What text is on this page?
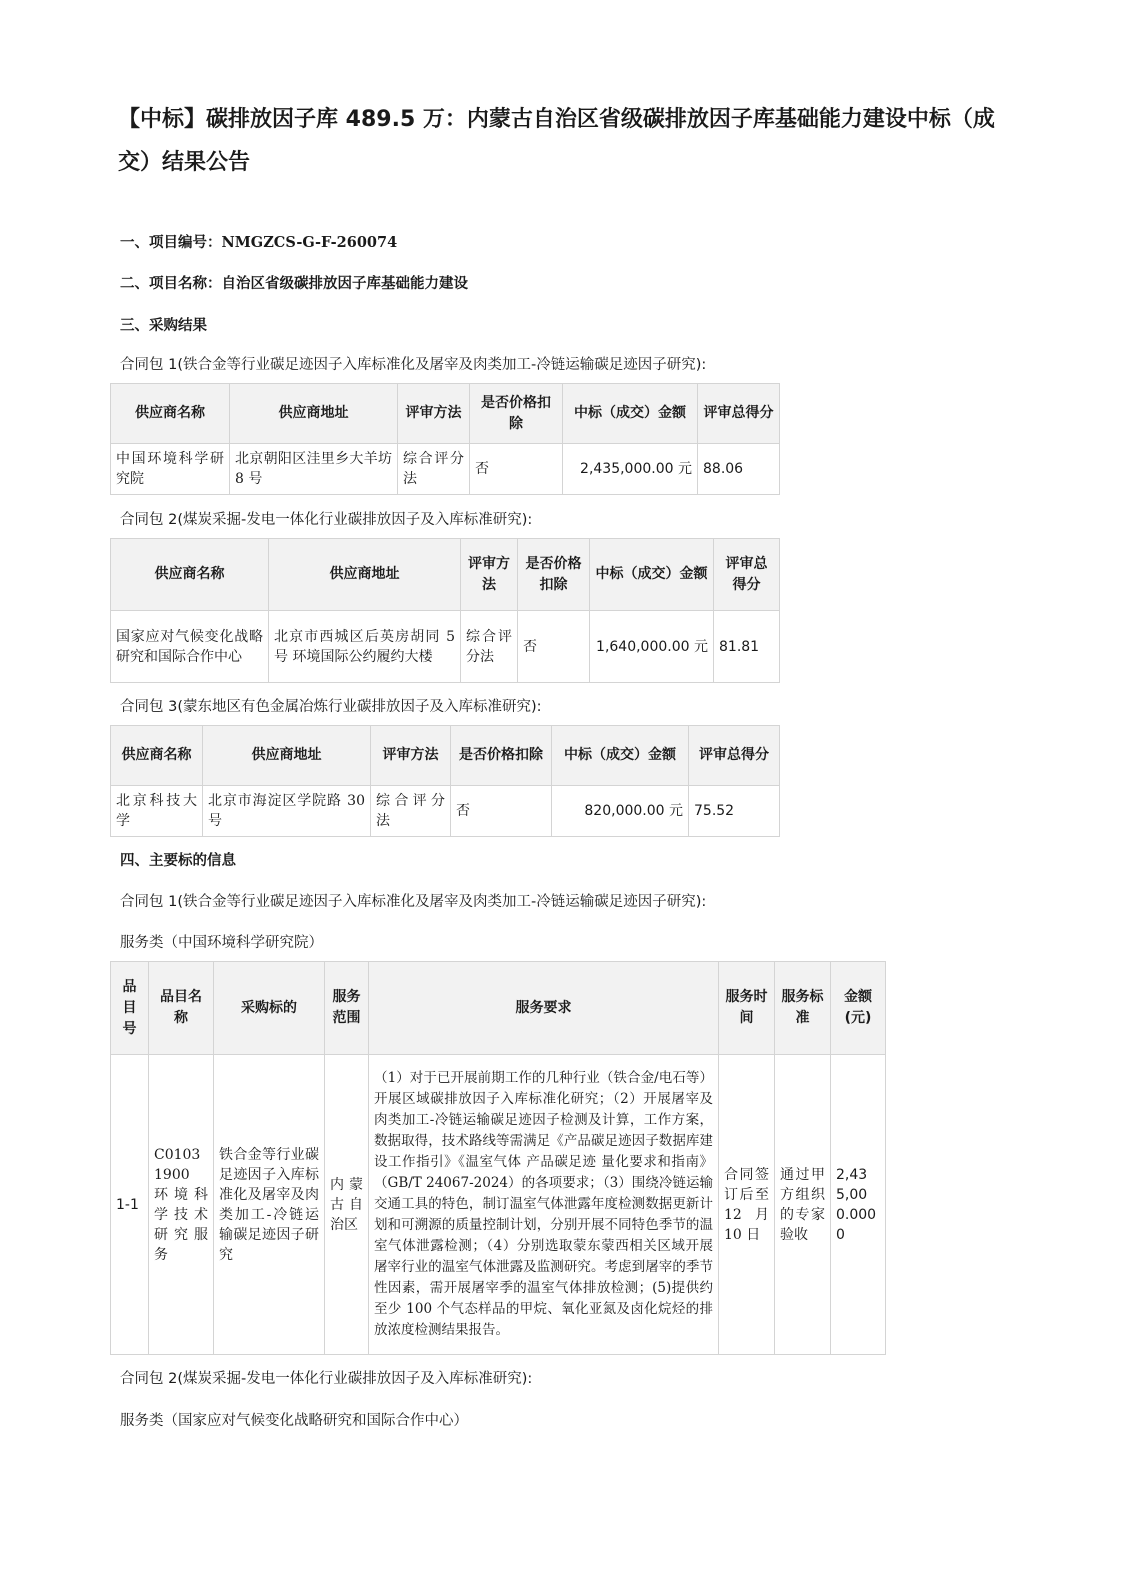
【中标】碳排放因子库 489.5 万：内蒙古自治区省级碳排放因子库基础能力建设中标（成交）结果公告

一、项目编号：NMGZCS-G-F-260074

二、项目名称：自治区省级碳排放因子库基础能力建设

三、采购结果

合同包 1(铁合金等行业碳足迹因子入库标准化及屠宰及肉类加工-冷链运输碳足迹因子研究):

供应商名称	供应商地址	评审方法	是否价格扣除	中标（成交）金额	评审总得分
中国环境科学研究院	北京朝阳区洼里乡大羊坊 8 号	综合评分法	否	2,435,000.00 元	88.06

合同包 2(煤炭采掘-发电一体化行业碳排放因子及入库标准研究):

供应商名称	供应商地址	评审方法	是否价格扣除	中标（成交）金额	评审总得分
国家应对气候变化战略研究和国际合作中心	北京市西城区后英房胡同 5 号 环境国际公约履约大楼	综合评分法	否	1,640,000.00 元	81.81

合同包 3(蒙东地区有色金属冶炼行业碳排放因子及入库标准研究):

供应商名称	供应商地址	评审方法	是否价格扣除	中标（成交）金额	评审总得分
北京科技大学	北京市海淀区学院路 30 号	综合评分法	否	820,000.00 元	75.52

四、主要标的信息

合同包 1(铁合金等行业碳足迹因子入库标准化及屠宰及肉类加工-冷链运输碳足迹因子研究):

服务类（中国环境科学研究院）

品目号	品目名称	采购标的	服务范围	服务要求	服务时间	服务标准	金额(元)
1-1	C01031900 环境科学技术研究服务	铁合金等行业碳足迹因子入库标准化及屠宰及肉类加工-冷链运输碳足迹因子研究	内蒙古自治区	（1）对于已开展前期工作的几种行业（铁合金/电石等）开展区域碳排放因子入库标准化研究；（2）开展屠宰及肉类加工-冷链运输碳足迹因子检测及计算，工作方案，数据取得，技术路线等需满足《产品碳足迹因子数据库建设工作指引》《温室气体 产品碳足迹 量化要求和指南》（GB/T 24067-2024）的各项要求；（3）围绕冷链运输交通工具的特色，制订温室气体泄露年度检测数据更新计划和可溯源的质量控制计划，分别开展不同特色季节的温室气体泄露检测；（4）分别选取蒙东蒙西相关区域开展屠宰行业的温室气体泄露及监测研究。考虑到屠宰的季节性因素，需开展屠宰季的温室气体排放检测；(5)提供约至少 100 个气态样品的甲烷、氧化亚氮及卤化烷烃的排放浓度检测结果报告。	合同签订后至12 月 10 日	通过甲方组织的专家验收	2,435,000.0000

合同包 2(煤炭采掘-发电一体化行业碳排放因子及入库标准研究):

服务类（国家应对气候变化战略研究和国际合作中心）
